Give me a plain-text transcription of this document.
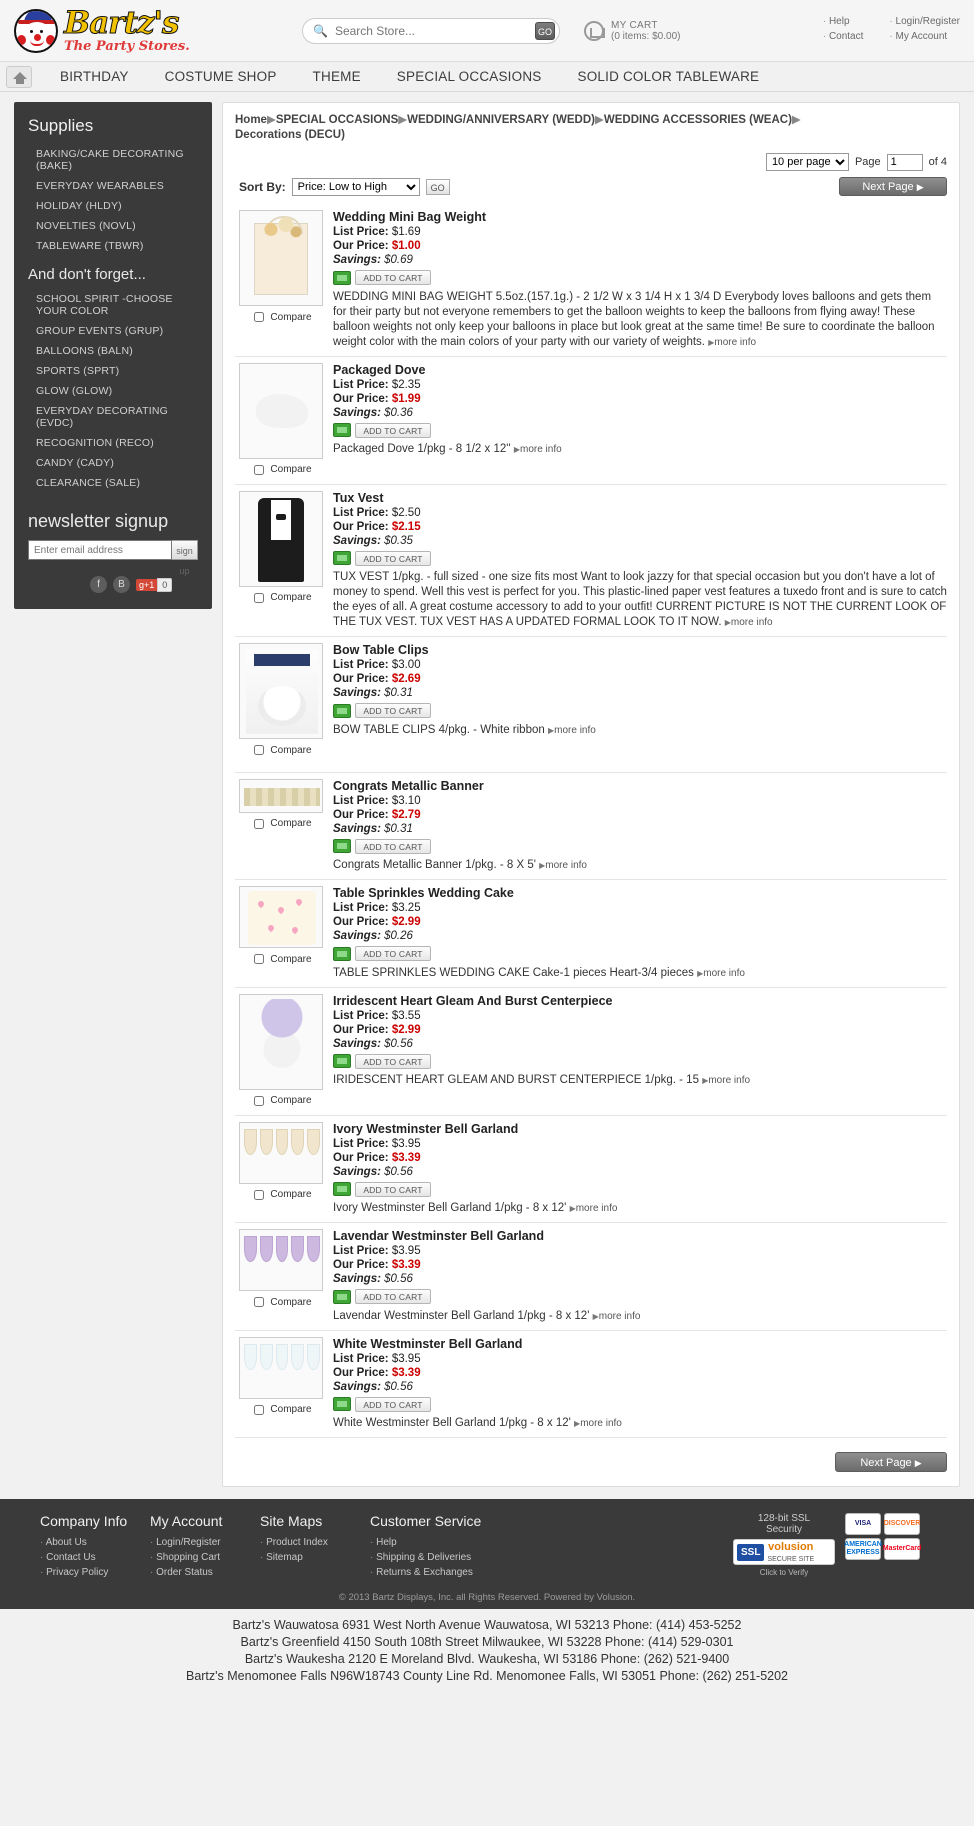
Bartz's
The Party Stores.
🔍
Search Store...	GO
MY CART
(0 items: $0.00)
· Help
· Contact
· Login/Register
· My Account
BIRTHDAY	COSTUME SHOP	THEME	SPECIAL OCCASIONS	SOLID COLOR TABLEWARE
Supplies
BAKING/CAKE DECORATING (BAKE)
EVERYDAY WEARABLES
HOLIDAY (HLDY)
NOVELTIES (NOVL)
TABLEWARE (TBWR)
And don't forget...
SCHOOL SPIRIT -CHOOSE YOUR COLOR
GROUP EVENTS (GRUP)
BALLOONS (BALN)
SPORTS (SPRT)
GLOW (GLOW)
EVERYDAY DECORATING (EVDC)
RECOGNITION (RECO)
CANDY (CADY)
CLEARANCE (SALE)
newsletter signup
Enter email address
sign up
f	B	g+1 0
Home▶SPECIAL OCCASIONS▶WEDDING/ANNIVERSARY (WEDD)▶WEDDING ACCESSORIES (WEAC)▶
Decorations (DECU)
10 per page
Page
1	of 4
Sort By:
Price: Low to High	GO	Next Page ▶
Compare
Wedding Mini Bag Weight
List Price: $1.69
Our Price: $1.00
Savings: $0.69
ADD TO CART
WEDDING MINI BAG WEIGHT 5.5oz.(157.1g.) - 2 1/2 W x 3 1/4 H x 1 3/4 D Everybody loves balloons and gets them for their party but not everyone remembers to get the balloon weights to keep the balloons from flying away! These balloon weights not only keep your balloons in place but look great at the same time! Be sure to coordinate the balloon weight color with the main colors of your party with our variety of weights. ▶more info
Compare
Packaged Dove
List Price: $2.35
Our Price: $1.99
Savings: $0.36
ADD TO CART
Packaged Dove 1/pkg - 8 1/2 x 12'' ▶more info
Compare
Tux Vest
List Price: $2.50
Our Price: $2.15
Savings: $0.35
ADD TO CART
TUX VEST 1/pkg. - full sized - one size fits most Want to look jazzy for that special occasion but you don't have a lot of money to spend. Well this vest is perfect for you. This plastic-lined paper vest features a tuxedo front and is sure to catch the eyes of all. A great costume accessory to add to your outfit! CURRENT PICTURE IS NOT THE CURRENT LOOK OF THE TUX VEST. TUX VEST HAS A UPDATED FORMAL LOOK TO IT NOW. ▶more info
Compare
Bow Table Clips
List Price: $3.00
Our Price: $2.69
Savings: $0.31
ADD TO CART
BOW TABLE CLIPS 4/pkg. - White ribbon ▶more info
Compare
Congrats Metallic Banner
List Price: $3.10
Our Price: $2.79
Savings: $0.31
ADD TO CART
Congrats Metallic Banner 1/pkg. - 8 X 5' ▶more info
Compare
Table Sprinkles Wedding Cake
List Price: $3.25
Our Price: $2.99
Savings: $0.26
ADD TO CART
TABLE SPRINKLES WEDDING CAKE Cake-1 pieces Heart-3/4 pieces ▶more info
Compare
Irridescent Heart Gleam And Burst Centerpiece
List Price: $3.55
Our Price: $2.99
Savings: $0.56
ADD TO CART
IRIDESCENT HEART GLEAM AND BURST CENTERPIECE 1/pkg. - 15 ▶more info
Compare
Ivory Westminster Bell Garland
List Price: $3.95
Our Price: $3.39
Savings: $0.56
ADD TO CART
Ivory Westminster Bell Garland 1/pkg - 8 x 12' ▶more info
Compare
Lavendar Westminster Bell Garland
List Price: $3.95
Our Price: $3.39
Savings: $0.56
ADD TO CART
Lavendar Westminster Bell Garland 1/pkg - 8 x 12' ▶more info
Compare
White Westminster Bell Garland
List Price: $3.95
Our Price: $3.39
Savings: $0.56
ADD TO CART
White Westminster Bell Garland 1/pkg - 8 x 12' ▶more info
Next Page ▶
Company Info
· About Us
· Contact Us
· Privacy Policy
My Account
· Login/Register
· Shopping Cart
· Order Status
Site Maps
· Product Index
· Sitemap
Customer Service
· Help
· Shipping & Deliveries
· Returns & Exchanges
128-bit SSL
Security
SSL volusion
SECURE SITE
Click to Verify
VISA	DISCOVER
AMERICAN EXPRESS
MasterCard
© 2013 Bartz Displays, Inc. all Rights Reserved. Powered by Volusion.
Bartz's Wauwatosa 6931 West North Avenue Wauwatosa, WI 53213 Phone: (414) 453-5252
Bartz's Greenfield 4150 South 108th Street Milwaukee, WI 53228 Phone: (414) 529-0301
Bartz's Waukesha 2120 E Moreland Blvd. Waukesha, WI 53186 Phone: (262) 521-9400
Bartz's Menomonee Falls N96W18743 County Line Rd. Menomonee Falls, WI 53051 Phone: (262) 251-5202
